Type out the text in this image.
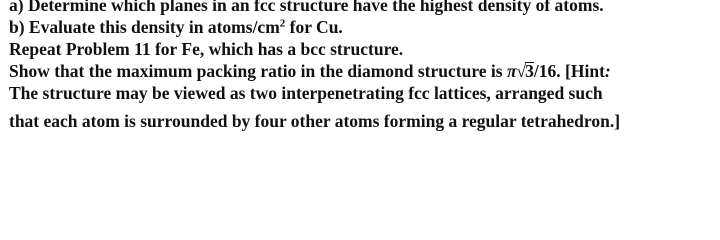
a) Determine which planes in an fcc structure have the highest density of atoms.
b) Evaluate this density in atoms/$cm^2$ for Cu.
Repeat Problem 11 for Fe, which has a bcc structure.
Show that the maximum packing ratio in the diamond structure is π√3/16. [Hint:
The structure may be viewed as two interpenetrating fcc lattices, arranged such
that each atom is surrounded by four other atoms forming a regular tetrahedron.]
